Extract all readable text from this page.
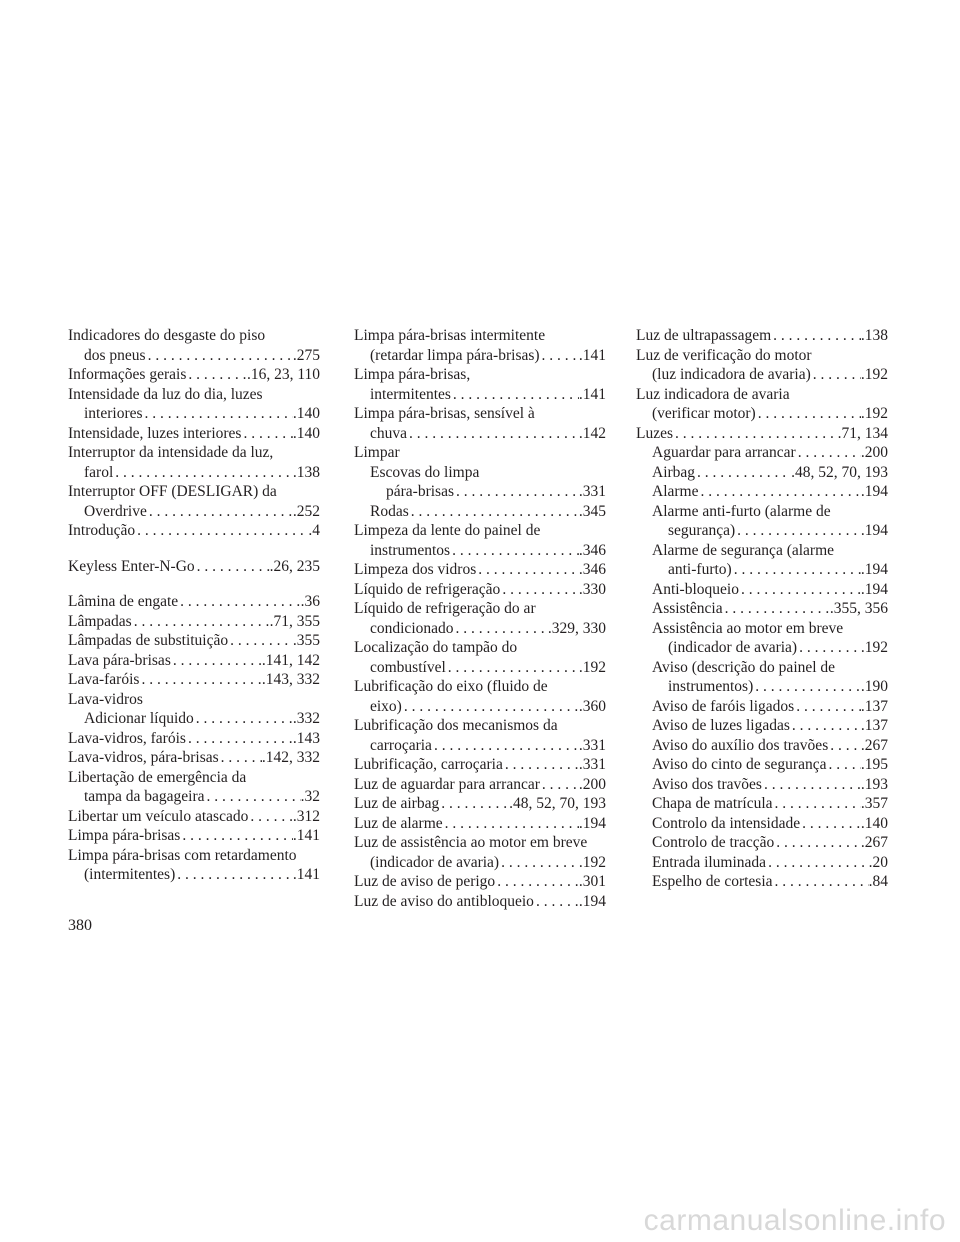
Indicadores do desgaste do piso
dos pneus . . .	.275
Informações gerais . . .	.16, 23, 110
Intensidade da luz do dia, luzes
interiores . . .	.140
Intensidade, luzes interiores . . .	.140
Interruptor da intensidade da luz,
farol . . .	.138
Interruptor OFF (DESLIGAR) da
Overdrive . . .	.252
Introdução . . .	.4
Keyless Enter-N-Go . . .	.26, 235
Lâmina de engate . . .	.36
Lâmpadas . . .	.71, 355
Lâmpadas de substituição . . .	.355
Lava pára-brisas . . .	.141, 142
Lava-faróis . . .	.143, 332
Lava-vidros
Adicionar líquido . . .	.332
Lava-vidros, faróis . . .	.143
Lava-vidros, pára-brisas . . .	.142, 332
Libertação de emergência da
tampa da bagageira . . .	.32
Libertar um veículo atascado . . .	.312
Limpa pára-brisas . . .	.141
Limpa pára-brisas com retardamento
(intermitentes) . . .	.141
Limpa pára-brisas intermitente
(retardar limpa pára-brisas) . . .	.141
Limpa pára-brisas,
intermitentes . . .	.141
Limpa pára-brisas, sensível à
chuva . . .	.142
Limpar
Escovas do limpa
pára-brisas . . .	.331
Rodas . . .	.345
Limpeza da lente do painel de
instrumentos . . .	.346
Limpeza dos vidros . . .	.346
Líquido de refrigeração . . .	.330
Líquido de refrigeração do ar
condicionado . . .	.329, 330
Localização do tampão do
combustível . . .	.192
Lubrificação do eixo (fluido de
eixo) . . .	.360
Lubrificação dos mecanismos da
carroçaria . . .	.331
Lubrificação, carroçaria . . .	.331
Luz de aguardar para arrancar . . .	.200
Luz de airbag . . .	.48, 52, 70, 193
Luz de alarme . . .	.194
Luz de assistência ao motor em breve
(indicador de avaria) . . .	.192
Luz de aviso de perigo . . .	.301
Luz de aviso do antibloqueio . . .	.194
Luz de ultrapassagem . . .	.138
Luz de verificação do motor
(luz indicadora de avaria) . . .	.192
Luz indicadora de avaria
(verificar motor) . . .	.192
Luzes . . .	.71, 134
Aguardar para arrancar . . .	.200
Airbag . . .	.48, 52, 70, 193
Alarme . . .	.194
Alarme anti-furto (alarme de
segurança) . . .	.194
Alarme de segurança (alarme
anti-furto) . . .	.194
Anti-bloqueio . . .	.194
Assistência . . .	.355, 356
Assistência ao motor em breve
(indicador de avaria) . . .	.192
Aviso (descrição do painel de
instrumentos) . . .	.190
Aviso de faróis ligados . . .	.137
Aviso de luzes ligadas . . .	.137
Aviso do auxílio dos travões . . . .267
Aviso do cinto de segurança . . . .195
Aviso dos travões . . .	.193
Chapa de matrícula . . .	.357
Controlo da intensidade . . .	.140
Controlo de tracção . . .	.267
Entrada iluminada . . .	.20
Espelho de cortesia . . .	.84
380
carmanualsonline.info
